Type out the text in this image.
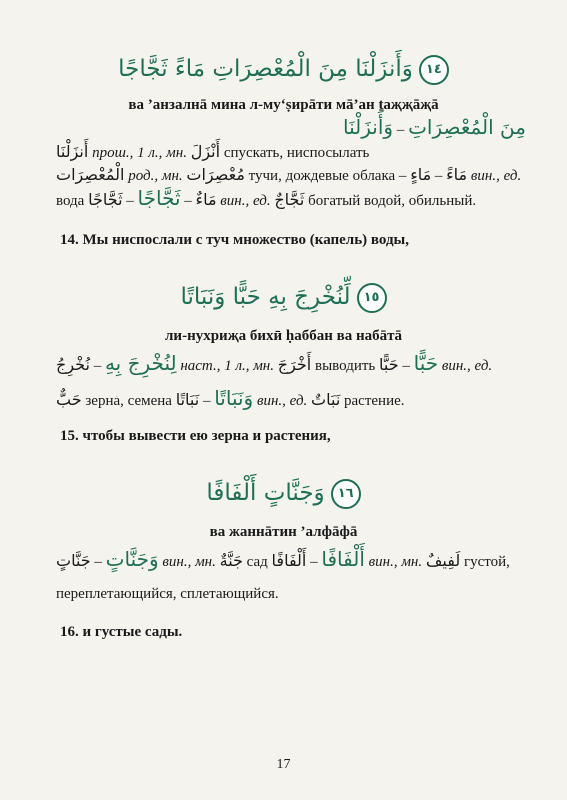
١٤وَأَنزَلْنَا مِنَ الْمُعْصِرَاتِ مَاءً ثَجَّاجًا
ва ’анзалнā мина л-му‘ṣирāти мā’ан ṯаҗҗāҗā
مِنَ الْمُعْصِرَاتِ – وَأَنزَلْنَا
أَنزَلْنَا прош., 1 л., мн. أَنْزَلَ спускать, ниспосылать
الْمُعْصِرَات род., мн. مُعْصِرَات тучи, дождевые облака – مَاءً – مَاءٍ вин., ед.
вода	مَاءٌ – ثَجَّاجًا – ثَجَّاجًا	вин., ед. ثَجَّاجٌ богатый водой, обильный.
14. Мы ниспослали с туч множество (капель) воды,
١٥لِّنُخْرِجَ بِهِ حَبًّا وَنَبَاتًا
ли-нухриҗа бихӣ ḥаббан ва набāтā
لِنُخْرِجَ بِهِ – نُخْرِجُ	наст., 1 л., мн. أَخْرَجَ выводить حَبًّا – حَبًّا	вин., ед.
حَبٌّ зерна, семена وَنَبَاتًا – نَبَاتًا	вин., ед. نَبَاتٌ растение.
15. чтобы вывести ею зерна и растения,
١٦وَجَنَّاتٍ أَلْفَافًا
ва жаннāтин ’алфāфā
وَجَنَّاتٍ – جَنَّاتٍ	вин., мн. جَنَّةٌ сад أَلْفَافًا – أَلْفَافًا	вин., мн. لَفِيفٌ густой,
переплетающийся, сплетающийся.
16. и густые сады.
17
